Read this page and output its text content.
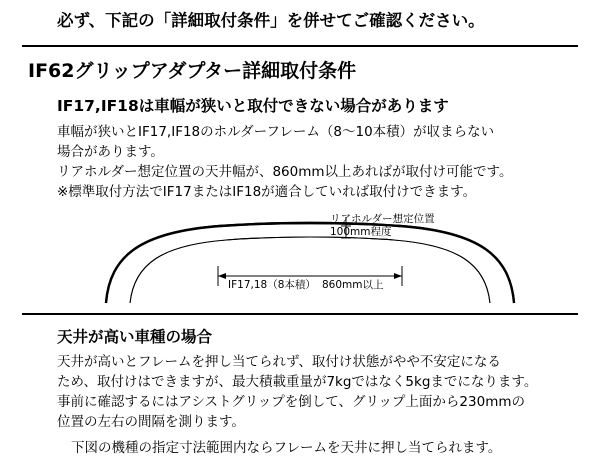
必ず、下記の「詳細取付条件」を併せてご確認ください。
IF62グリップアダプター詳細取付条件
IF17,IF18は車幅が狭いと取付できない場合があります
車幅が狭いとIF17,IF18のホルダーフレーム（8〜10本積）が収まらない
場合があります。
リアホルダー想定位置の天井幅が、860mm以上あればが取付け可能です。
※標準取付方法でIF17またはIF18が適合していれば取付けできます。
リアホルダー想定位置
100mm程度
IF17,18（8本積） 860mm以上
天井が高い車種の場合
天井が高いとフレームを押し当てられず、取付け状態がやや不安定になる
ため、取付けはできますが、最大積載重量が7kgではなく5kgまでになります。
事前に確認するにはアシストグリップを倒して、グリップ上面から230mmの
位置の左右の間隔を測ります。
下図の機種の指定寸法範囲内ならフレームを天井に押し当てられます。
